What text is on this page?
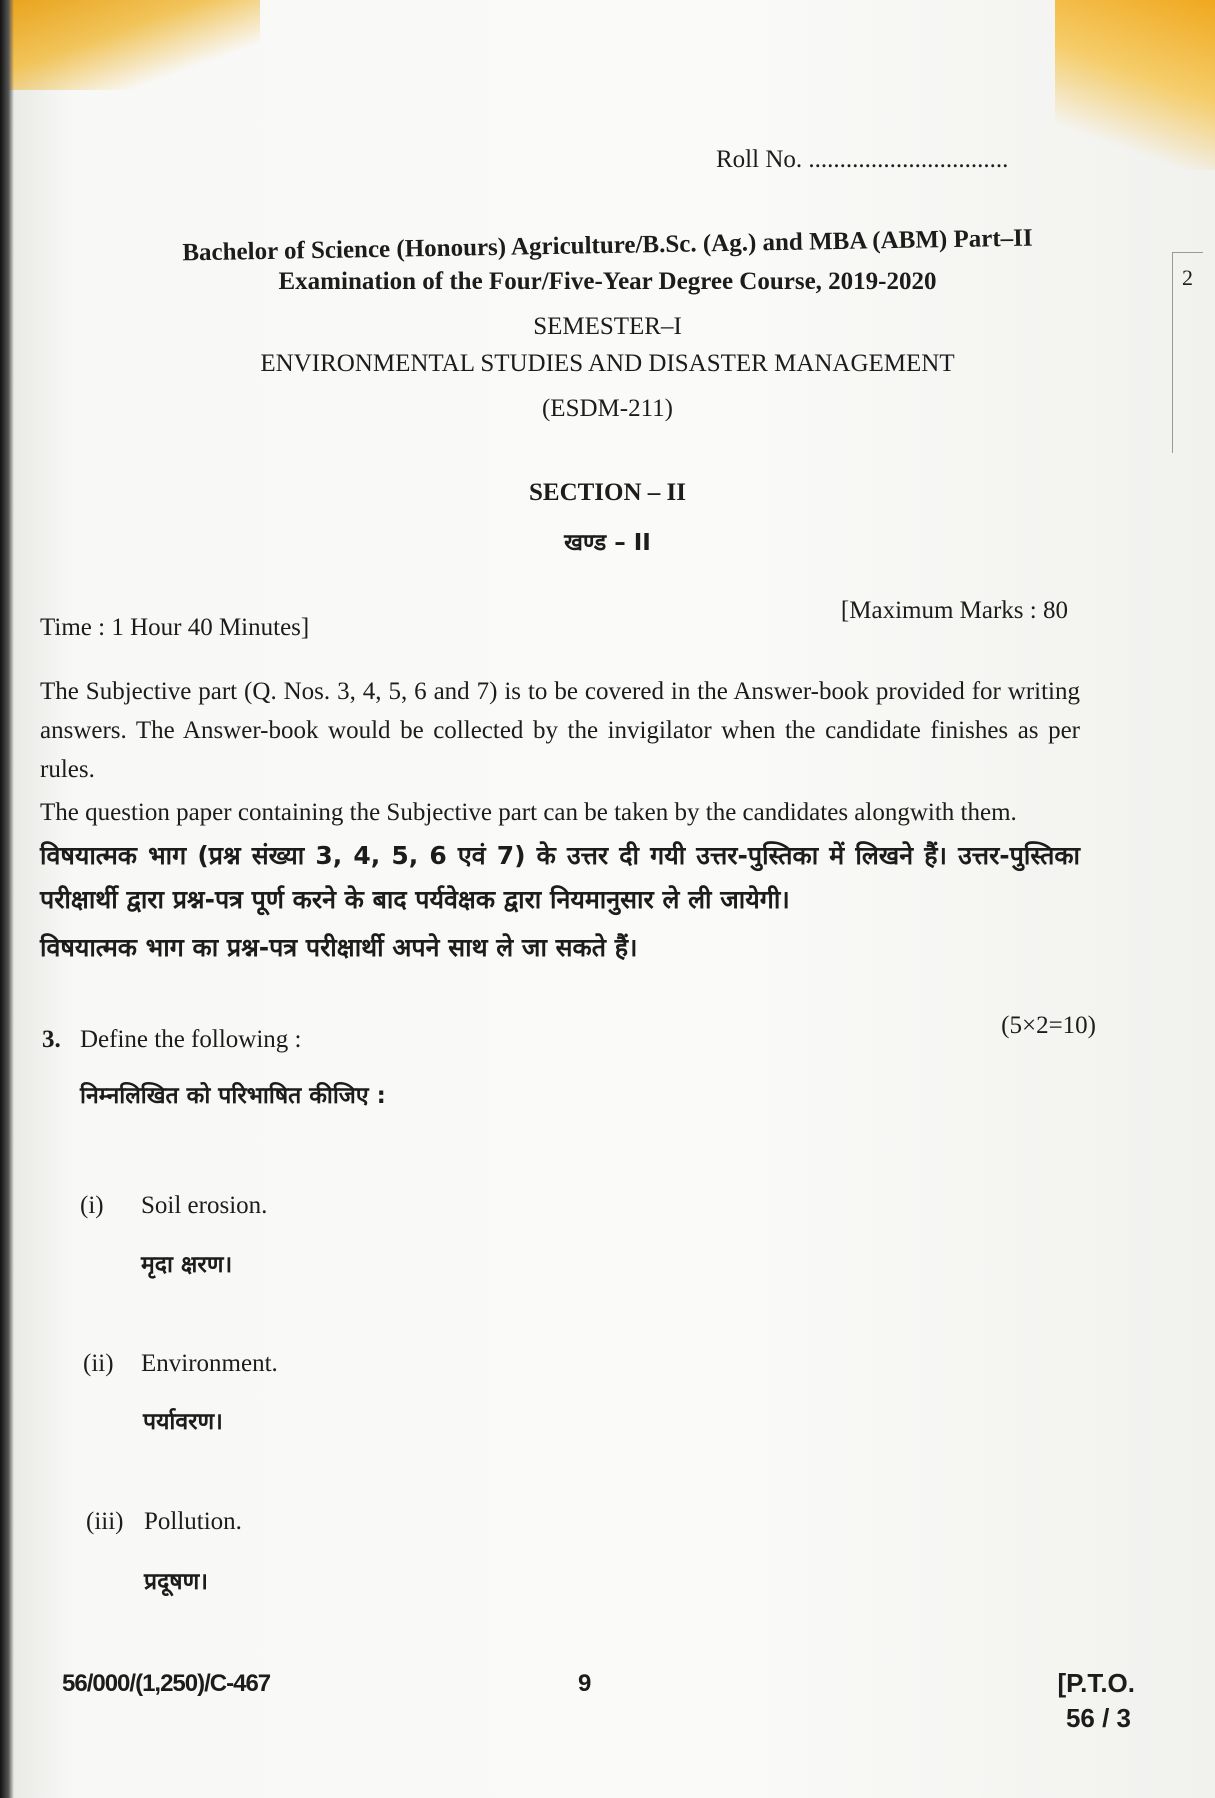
2
Roll No. ................................
Bachelor of Science (Honours) Agriculture/B.Sc. (Ag.) and MBA (ABM) Part–II
Examination of the Four/Five-Year Degree Course, 2019-2020
SEMESTER–I
ENVIRONMENTAL STUDIES AND DISASTER MANAGEMENT
(ESDM-211)
SECTION – II
खण्ड – II
Time : 1 Hour 40 Minutes]
[Maximum Marks : 80
The Subjective part (Q. Nos. 3, 4, 5, 6 and 7) is to be covered in the Answer-book provided for writing answers. The Answer-book would be collected by the invigilator when the candidate finishes as per rules.
The question paper containing the Subjective part can be taken by the candidates alongwith them.
विषयात्मक भाग (प्रश्न संख्या 3, 4, 5, 6 एवं 7) के उत्तर दी गयी उत्तर-पुस्तिका में लिखने हैं। उत्तर-पुस्तिका परीक्षार्थी द्वारा प्रश्न-पत्र पूर्ण करने के बाद पर्यवेक्षक द्वारा नियमानुसार ले ली जायेगी।
विषयात्मक भाग का प्रश्न-पत्र परीक्षार्थी अपने साथ ले जा सकते हैं।
3. Define the following :
(5×2=10)
निम्नलिखित को परिभाषित कीजिए :
(i) Soil erosion.
मृदा क्षरण।
(ii) Environment.
पर्यावरण।
(iii) Pollution.
प्रदूषण।
56/000/(1,250)/C-467	9	[P.T.O.
56 / 3
